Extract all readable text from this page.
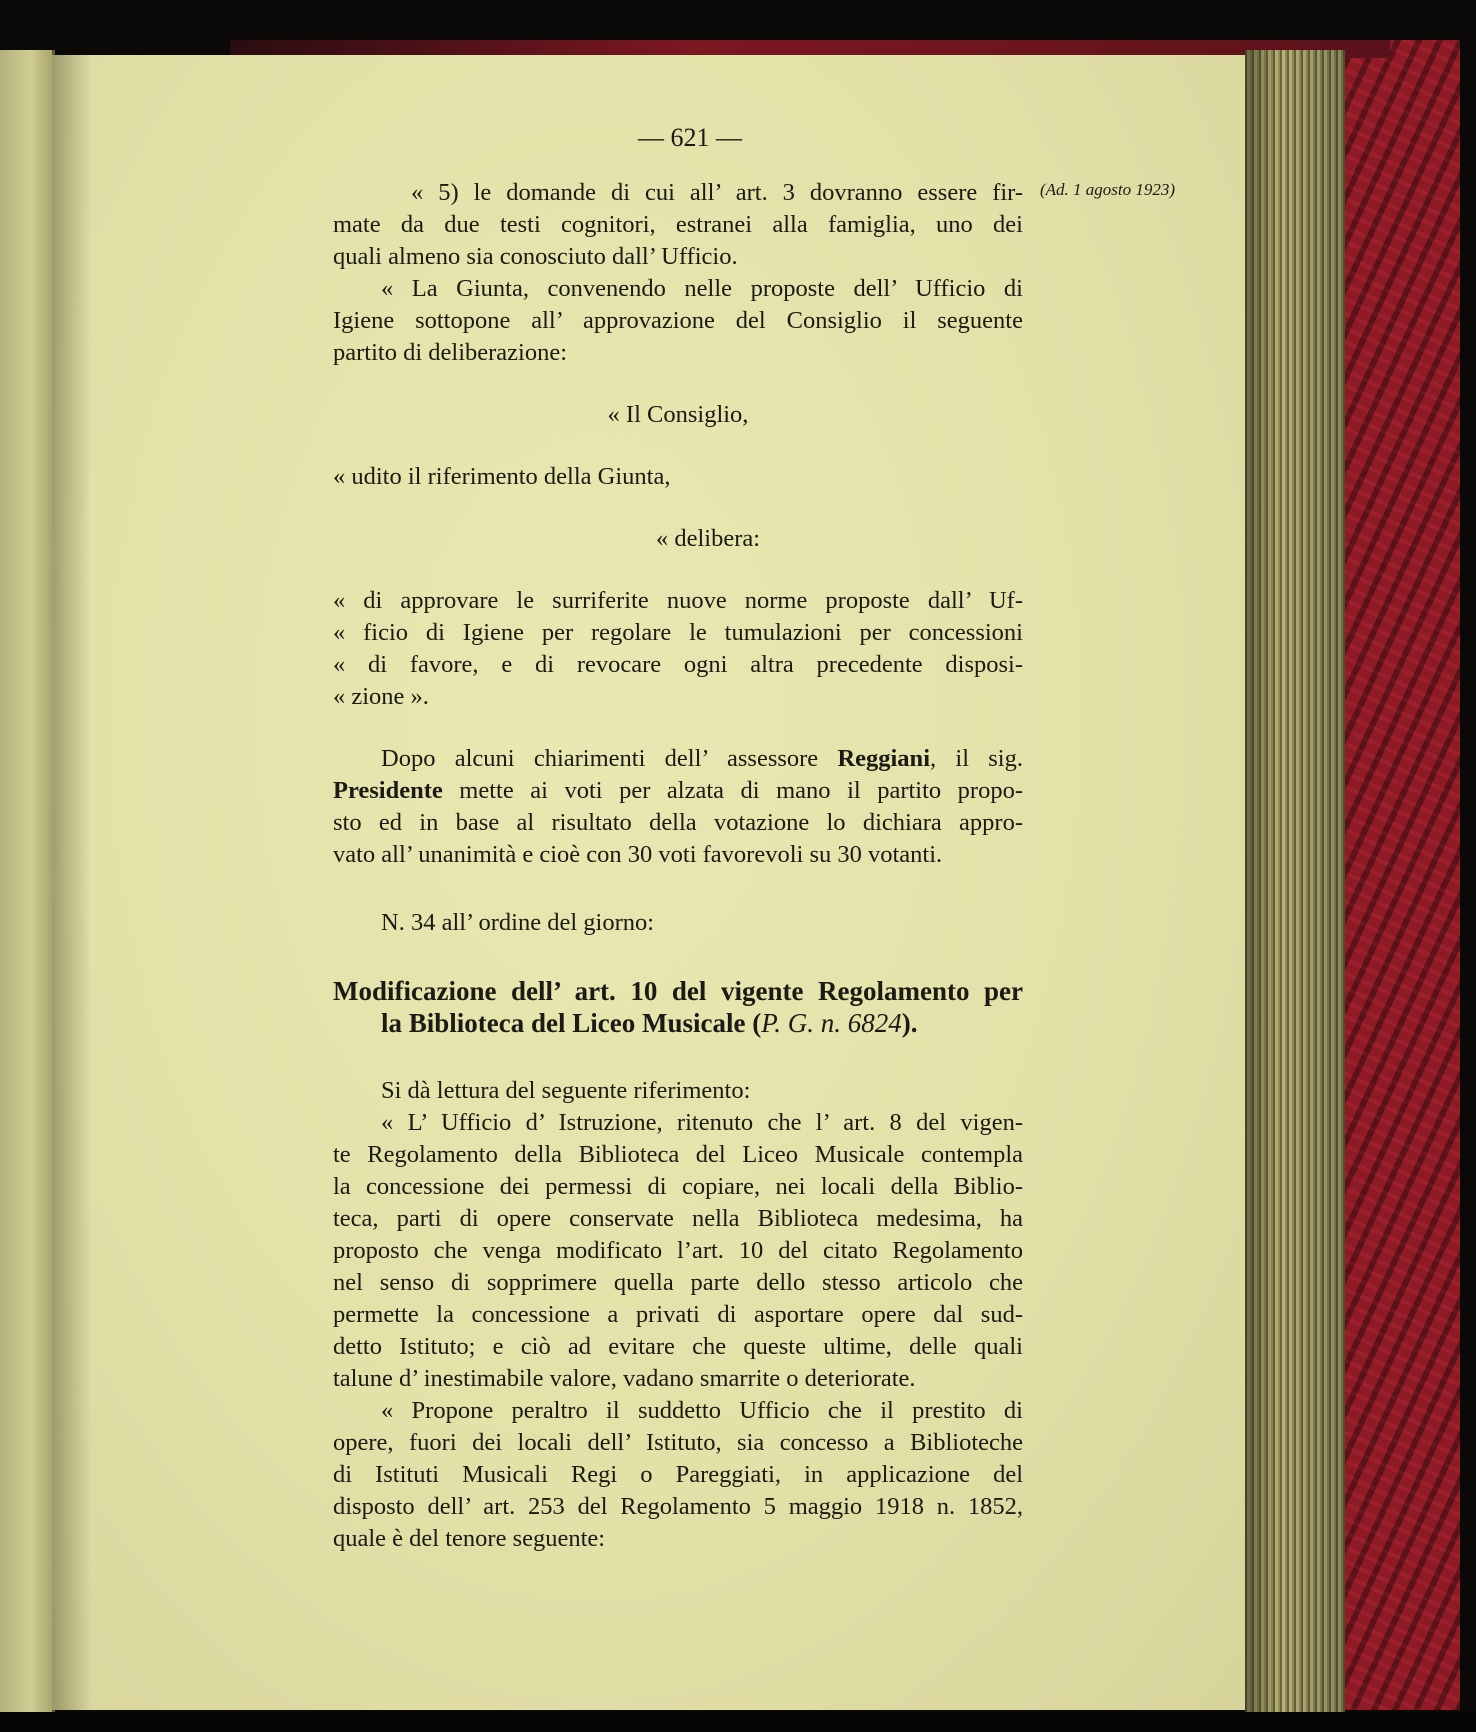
— 621 —
(Ad. 1 agosto 1923)

« 5) le domande di cui all’ art. 3 dovranno essere fir-
mate da due testi cognitori, estranei alla famiglia, uno dei
quali almeno sia conosciuto dall’ Ufficio.

« La Giunta, convenendo nelle proposte dell’ Ufficio di
Igiene sottopone all’ approvazione del Consiglio il seguente
partito di deliberazione:

« Il Consiglio,

« udito il riferimento della Giunta,

« delibera:

« di approvare le surriferite nuove norme proposte dall’ Uf-
« ficio di Igiene per regolare le tumulazioni per concessioni
« di favore, e di revocare ogni altra precedente disposi-
« zione ».

Dopo alcuni chiarimenti dell’ assessore Reggiani, il sig.
Presidente mette ai voti per alzata di mano il partito propo-
sto ed in base al risultato della votazione lo dichiara appro-
vato all’ unanimità e cioè con 30 voti favorevoli su 30 votanti.

N. 34 all’ ordine del giorno:

Modificazione dell’ art. 10 del vigente Regolamento per
la Biblioteca del Liceo Musicale (P. G. n. 6824).

Si dà lettura del seguente riferimento:

« L’ Ufficio d’ Istruzione, ritenuto che l’ art. 8 del vigen-
te Regolamento della Biblioteca del Liceo Musicale contempla
la concessione dei permessi di copiare, nei locali della Biblio-
teca, parti di opere conservate nella Biblioteca medesima, ha
proposto che venga modificato l’art. 10 del citato Regolamento
nel senso di sopprimere quella parte dello stesso articolo che
permette la concessione a privati di asportare opere dal sud-
detto Istituto; e ciò ad evitare che queste ultime, delle quali
talune d’ inestimabile valore, vadano smarrite o deteriorate.

« Propone peraltro il suddetto Ufficio che il prestito di
opere, fuori dei locali dell’ Istituto, sia concesso a Biblioteche
di Istituti Musicali Regi o Pareggiati, in applicazione del
disposto dell’ art. 253 del Regolamento 5 maggio 1918 n. 1852,
quale è del tenore seguente:
